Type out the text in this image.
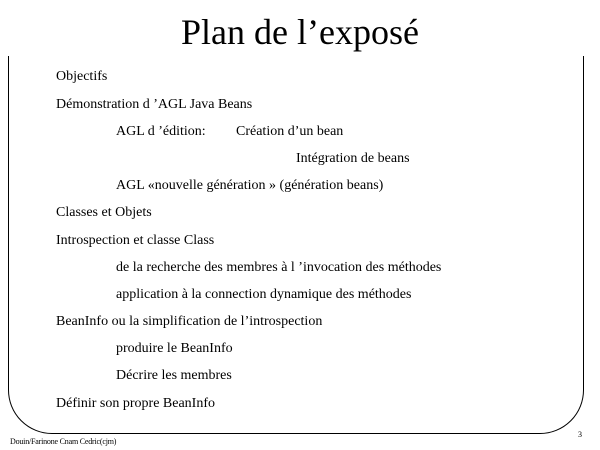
Plan de l’exposé
Objectifs
Démonstration d ’AGL Java Beans
AGL d ’édition: Création d’un bean
Intégration de beans
AGL «nouvelle génération » (génération beans)
Classes et Objets
Introspection et classe Class
de la recherche des membres à l ’invocation des méthodes
application à la connection dynamique des méthodes
BeanInfo ou la simplification de l’introspection
produire le BeanInfo
Décrire les membres
Définir son propre BeanInfo
Douin/Farinone Cnam Cedric(cjm)
3
